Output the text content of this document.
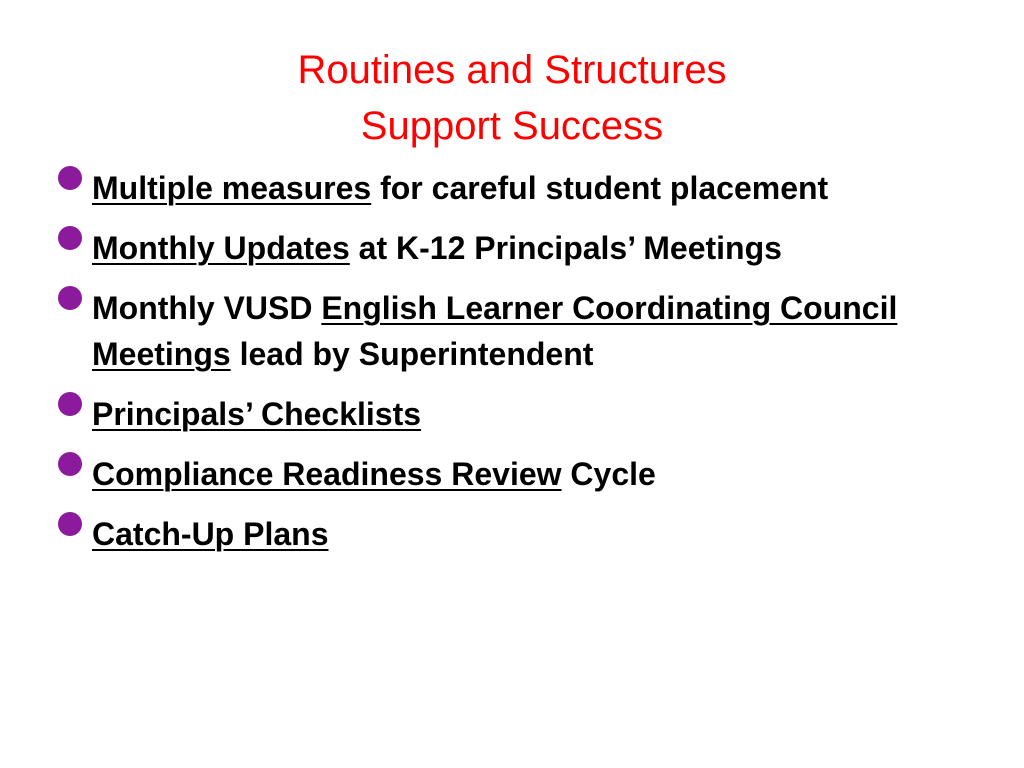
Routines and Structures
Support Success
Multiple measures for careful student placement
Monthly Updates at K-12 Principals’ Meetings
Monthly VUSD English Learner Coordinating Council Meetings lead by Superintendent
Principals’ Checklists
Compliance Readiness Review Cycle
Catch-Up Plans
